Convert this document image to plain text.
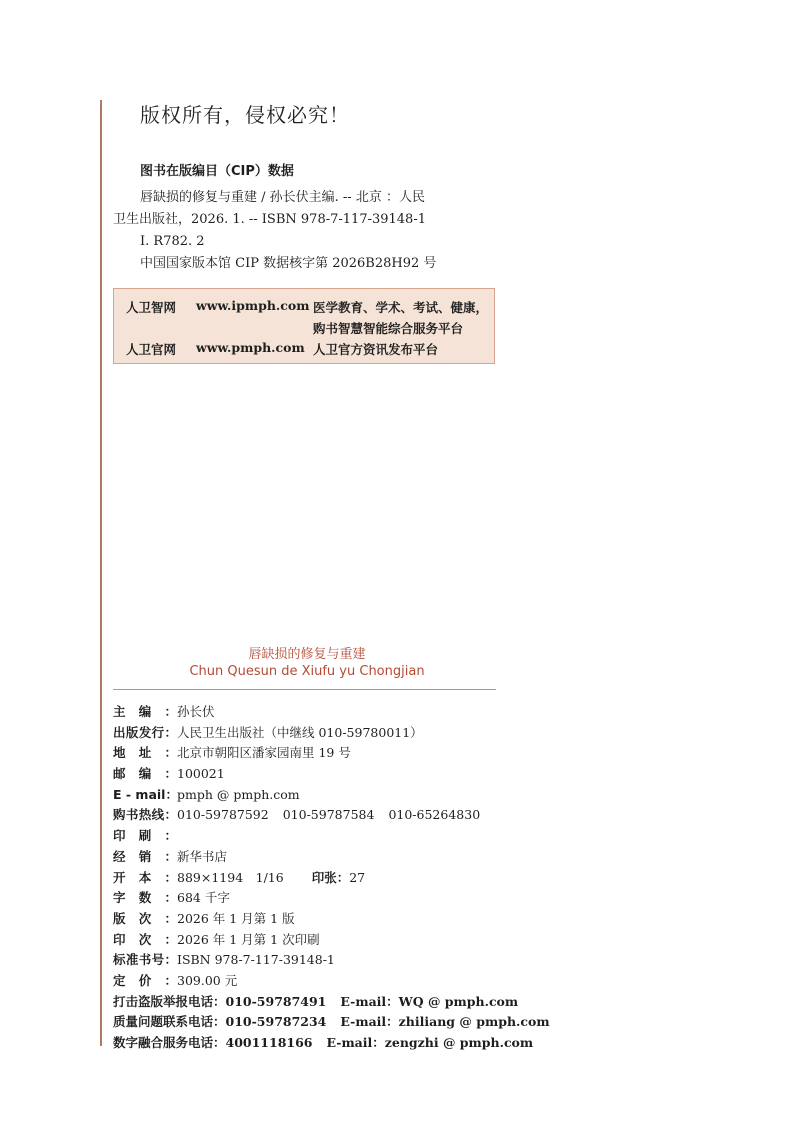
版权所有，侵权必究！
图书在版编目（CIP）数据
唇缺损的修复与重建 / 孙长伏主编. -- 北京 ：人民
卫生出版社，2026. 1. -- ISBN 978-7-117-39148-1
Ⅰ. R782. 2
中国国家版本馆 CIP 数据核字第 2026B28H92 号
人卫智网 www.ipmph.com 医学教育、学术、考试、健康，
购书智慧智能综合服务平台
人卫官网 www.pmph.com 人卫官方资讯发布平台
唇缺损的修复与重建
Chun Quesun de Xiufu yu Chongjian
主编：孙长伏
出版发行：人民卫生出版社（中继线 010-59780011）
地址：北京市朝阳区潘家园南里 19 号
邮编：100021
E - mail：pmph @ pmph.com
购书热线：010-59787592 010-59787584 010-65264830
印刷：
经销：新华书店
开本：889×1194　1/16 印张：27
字数：684 千字
版次：2026 年 1 月第 1 版
印次：2026 年 1 月第 1 次印刷
标准书号：ISBN 978-7-117-39148-1
定价：309.00 元
打击盗版举报电话：010-59787491 E-mail：WQ @ pmph.com
质量问题联系电话：010-59787234 E-mail：zhiliang @ pmph.com
数字融合服务电话：4001118166 E-mail：zengzhi @ pmph.com
